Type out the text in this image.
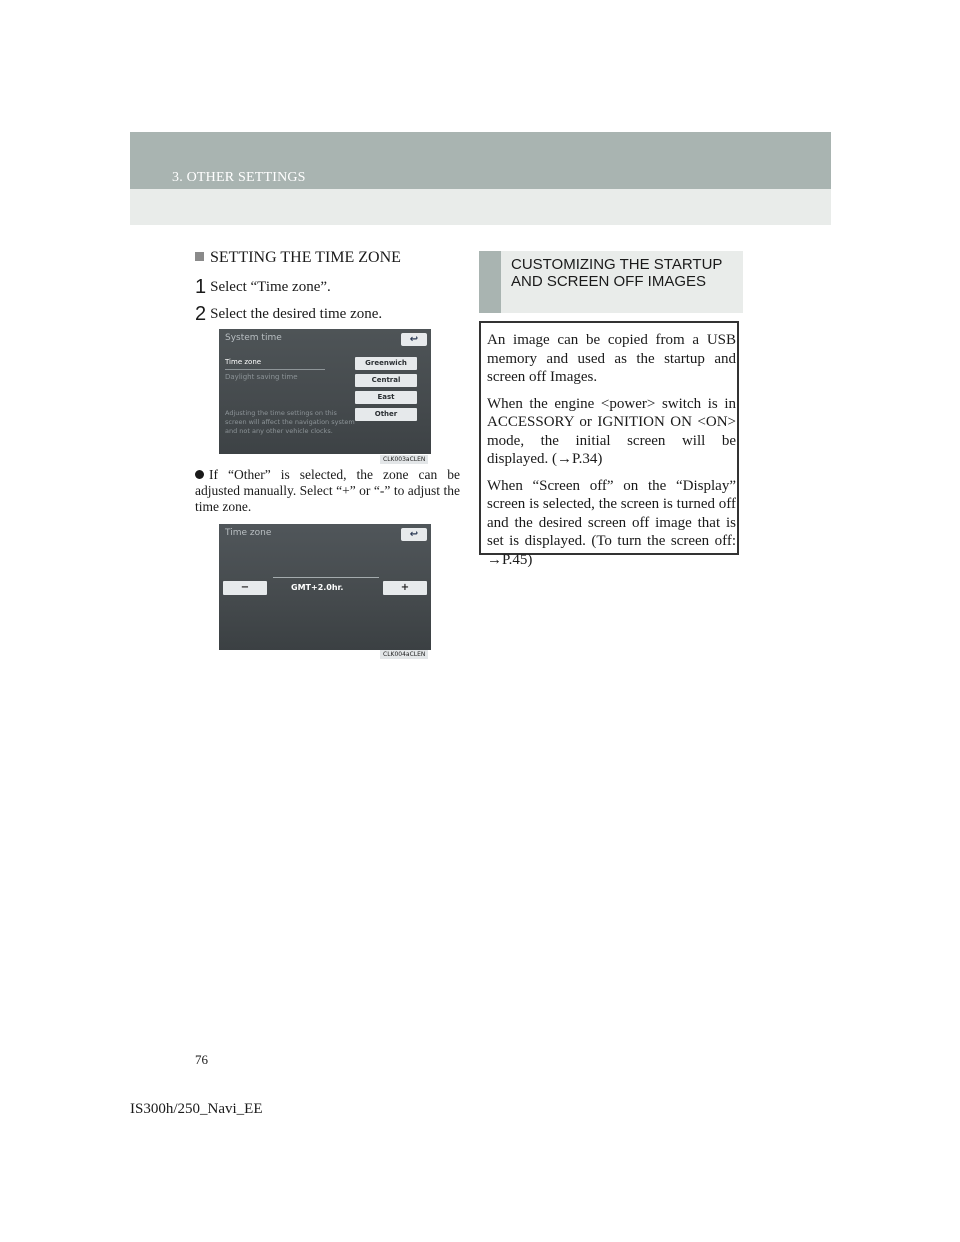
3. OTHER SETTINGS
SETTING THE TIME ZONE
1 Select “Time zone”.
2 Select the desired time zone.
System time	↩
Time zone
Daylight saving time
Greenwich
Central
East
Other
Adjusting the time settings on this screen will affect the navigation system and not any other vehicle clocks.
CLK003aCLEN
If “Other” is selected, the zone can be adjusted manually. Select “+” or “-” to adjust the time zone.
Time zone	↩
−	GMT+2.0hr.	+
CLK004aCLEN
CUSTOMIZING THE STARTUP AND SCREEN OFF IMAGES

An image can be copied from a USB memory and used as the startup and screen off Images.

When the engine <power> switch is in ACCESSORY or IGNITION ON <ON> mode, the initial screen will be displayed. (→P.34)

When “Screen off” on the “Display” screen is selected, the screen is turned off and the desired screen off image that is set is displayed. (To turn the screen off: →P.45)

76
IS300h/250_Navi_EE
